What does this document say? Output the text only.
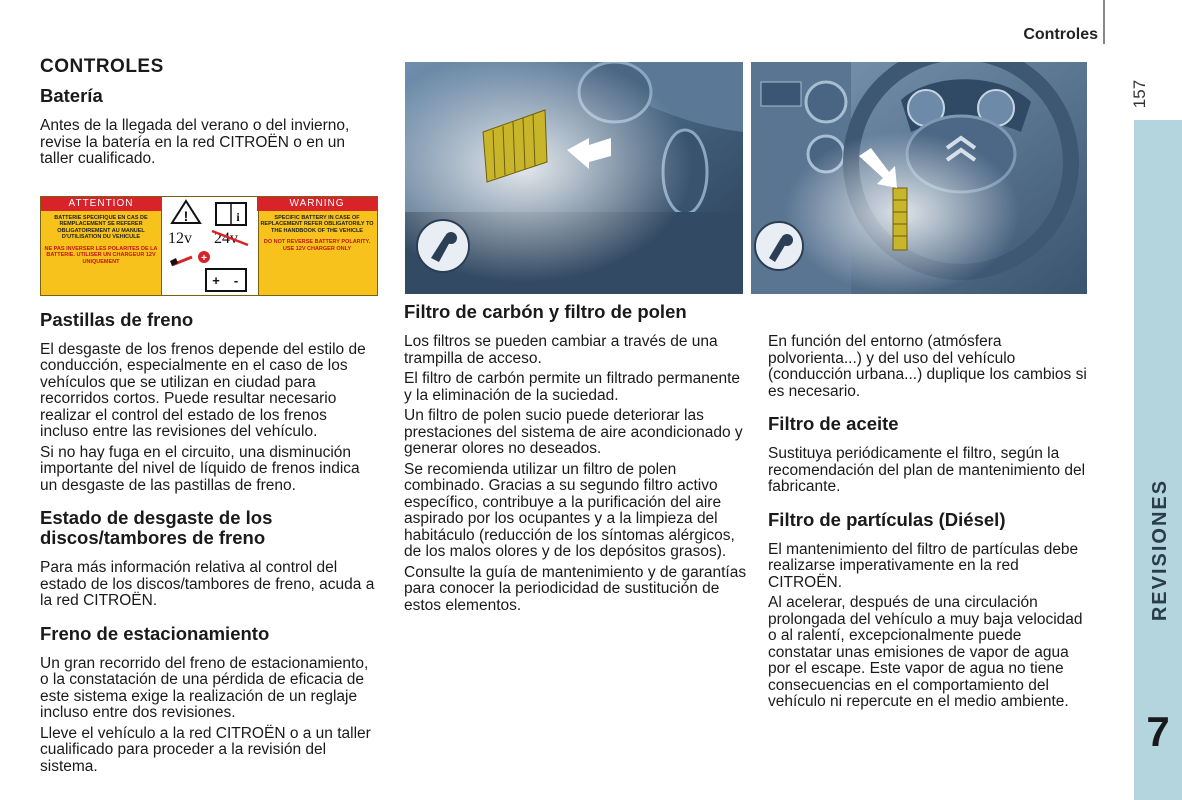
Controles
157
REVISIONES
7
CONTROLES
Batería

Antes de la llegada del verano o del invierno, revise la batería en la red CITROËN o en un taller cualificado.

ATTENTION
BATTERIE SPECIFIQUE EN CAS DE REMPLACEMENT SE REFERER OBLIGATOIREMENT AU MANUEL D'UTILISATION DU VEHICULE
NE PAS INVERSER LES POLARITES DE LA BATTERIE. UTILISER UN CHARGEUR 12V UNIQUEMENT
!	i
12v 24v
+
+ -
WARNING
SPECIFIC BATTERY IN CASE OF REPLACEMENT REFER OBLIGATORILY TO THE HANDBOOK OF THE VEHICLE
DO NOT REVERSE BATTERY POLARITY. USE 12V CHARGER ONLY
Pastillas de freno

El desgaste de los frenos depende del estilo de conducción, especialmente en el caso de los vehículos que se utilizan en ciudad para recorridos cortos. Puede resultar necesario realizar el control del estado de los frenos incluso entre las revisiones del vehículo.

Si no hay fuga en el circuito, una disminución importante del nivel de líquido de frenos indica un desgaste de las pastillas de freno.

Estado de desgaste de los discos/tambores de freno

Para más información relativa al control del estado de los discos/tambores de freno, acuda a la red CITROËN.

Freno de estacionamiento

Un gran recorrido del freno de estacionamiento, o la constatación de una pérdida de eficacia de este sistema exige la realización de un reglaje incluso entre dos revisiones.

Lleve el vehículo a la red CITROËN o a un taller cualificado para proceder a la revisión del sistema.

Filtro de carbón y filtro de polen

Los filtros se pueden cambiar a través de una trampilla de acceso.

El filtro de carbón permite un filtrado permanente y la eliminación de la suciedad.

Un filtro de polen sucio puede deteriorar las prestaciones del sistema de aire acondicionado y generar olores no deseados.

Se recomienda utilizar un filtro de polen combinado. Gracias a su segundo filtro activo específico, contribuye a la purificación del aire aspirado por los ocupantes y a la limpieza del habitáculo (reducción de los síntomas alérgicos, de los malos olores y de los depósitos grasos).

Consulte la guía de mantenimiento y de garantías para conocer la periodicidad de sustitución de estos elementos.

En función del entorno (atmósfera polvorienta...) y del uso del vehículo (conducción urbana...) duplique los cambios si es necesario.

Filtro de aceite

Sustituya periódicamente el filtro, según la recomendación del plan de mantenimiento del fabricante.

Filtro de partículas (Diésel)

El mantenimiento del filtro de partículas debe realizarse imperativamente en la red CITROËN.

Al acelerar, después de una circulación prolongada del vehículo a muy baja velocidad o al ralentí, excepcionalmente puede constatar unas emisiones de vapor de agua por el escape. Este vapor de agua no tiene consecuencias en el comportamiento del vehículo ni repercute en el medio ambiente.
